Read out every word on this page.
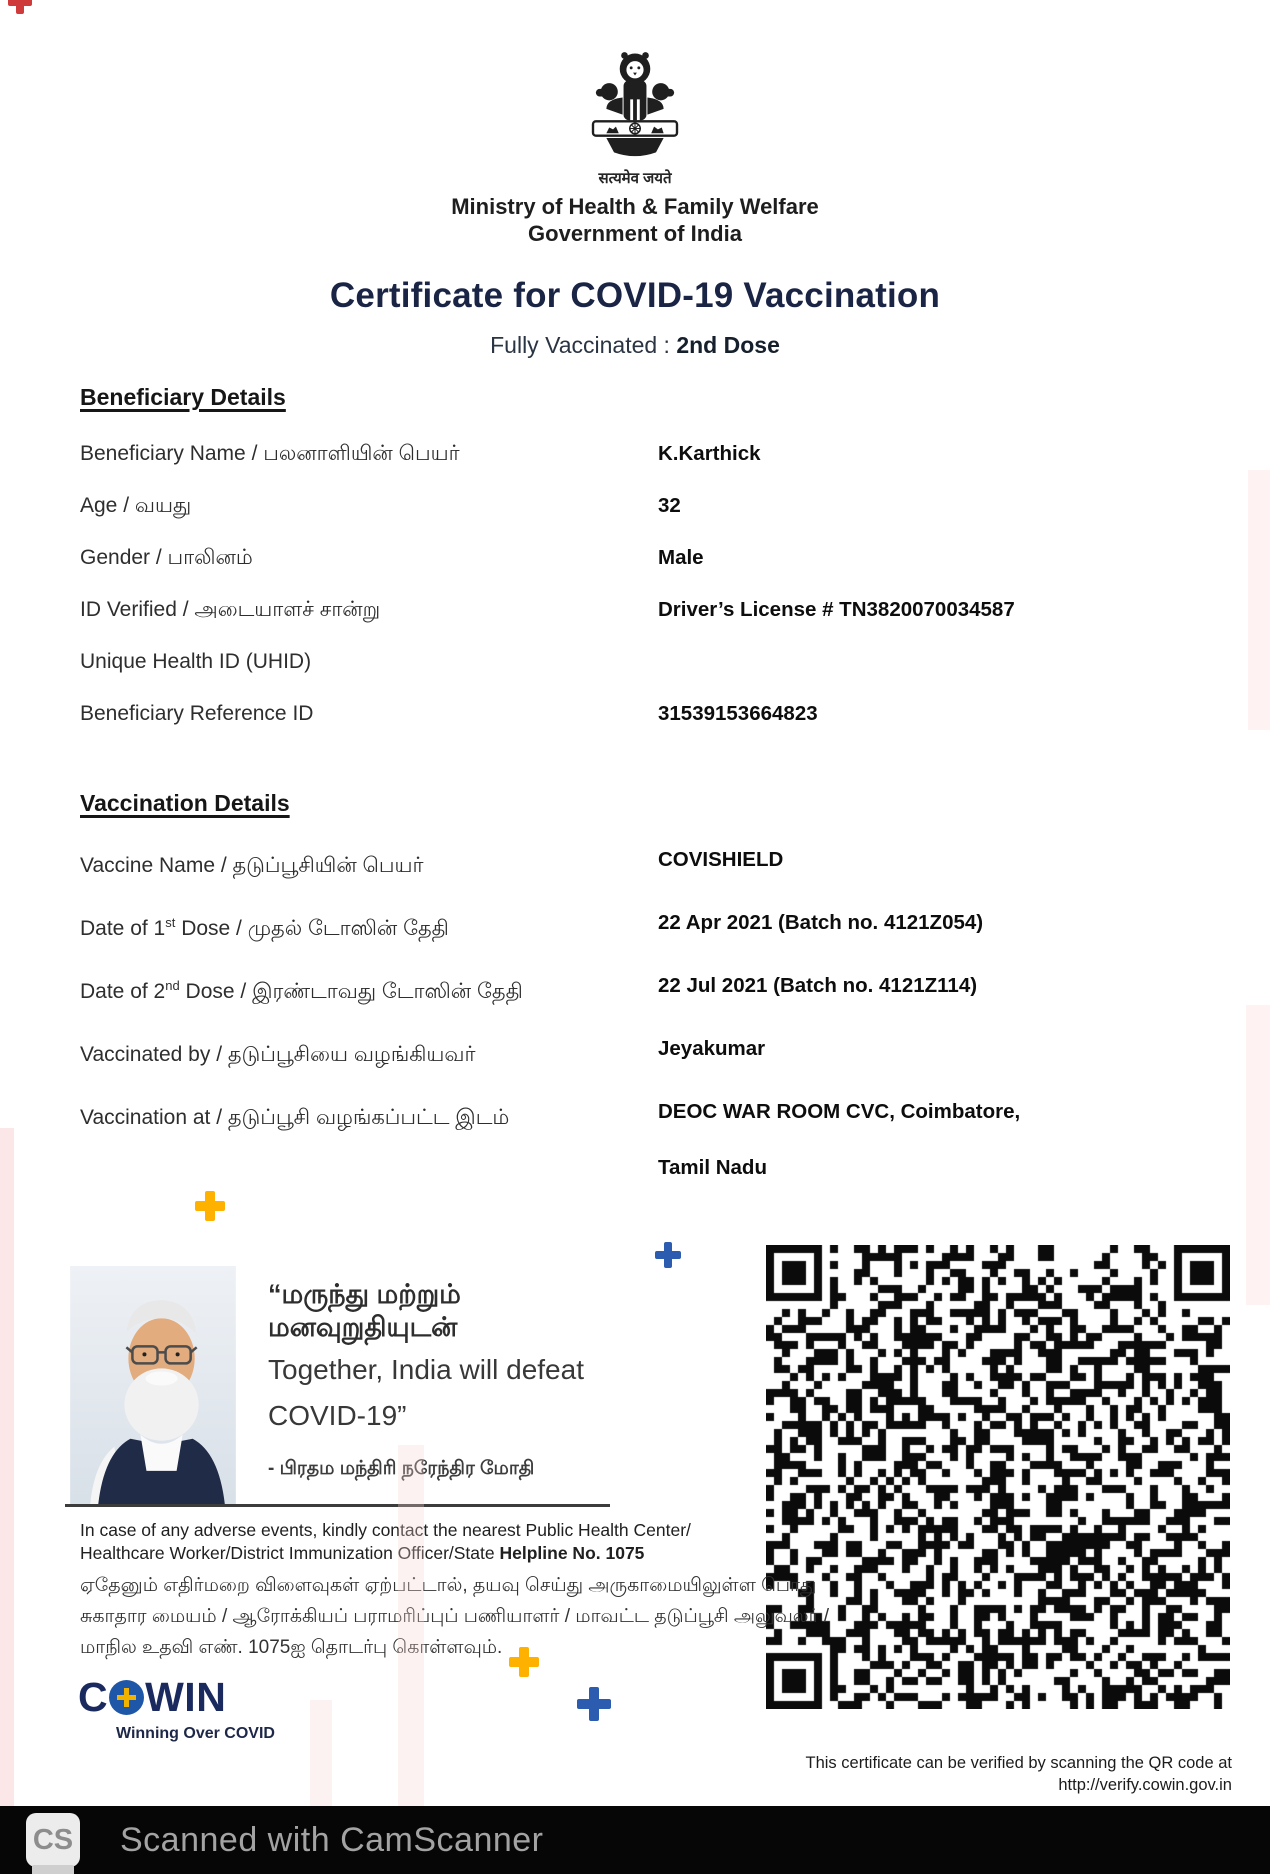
सत्यमेव जयते
Ministry of Health & Family Welfare
Government of India
Certificate for COVID-19 Vaccination
Fully Vaccinated : 2nd Dose
Beneficiary Details
Beneficiary Name / பலனாளியின் பெயர்	K.Karthick
Age / வயது	32
Gender / பாலினம்	Male
ID Verified / அடையாளச் சான்று	Driver’s License # TN3820070034587
Unique Health ID (UHID)
Beneficiary Reference ID	31539153664823
Vaccination Details
Vaccine Name / தடுப்பூசியின் பெயர்	COVISHIELD
Date of 1st Dose / முதல் டோஸின் தேதி	22 Apr 2021 (Batch no. 4121Z054)
Date of 2nd Dose / இரண்டாவது டோஸின் தேதி	22 Jul 2021 (Batch no. 4121Z114)
Vaccinated by / தடுப்பூசியை வழங்கியவர்	Jeyakumar
Vaccination at / தடுப்பூசி வழங்கப்பட்ட இடம்	DEOC WAR ROOM CVC, Coimbatore,
Tamil Nadu
“மருந்து மற்றும்
மனவுறுதியுடன்
Together, India will defeat
COVID-19”
- பிரதம மந்திரி நரேந்திர மோதி
In case of any adverse events, kindly contact the nearest Public Health Center/
Healthcare Worker/District Immunization Officer/State Helpline No. 1075
ஏதேனும் எதிர்மறை விளைவுகள் ஏற்பட்டால், தயவு செய்து அருகாமையிலுள்ள பொது
சுகாதார மையம் / ஆரோக்கியப் பராமரிப்புப் பணியாளர் / மாவட்ட தடுப்பூசி அலுவலர் /
மாநில உதவி எண். 1075ஐ தொடர்பு கொள்ளவும்.
C WIN
Winning Over COVID
This certificate can be verified by scanning the QR code at
http://verify.cowin.gov.in
CS Scanned with CamScanner
